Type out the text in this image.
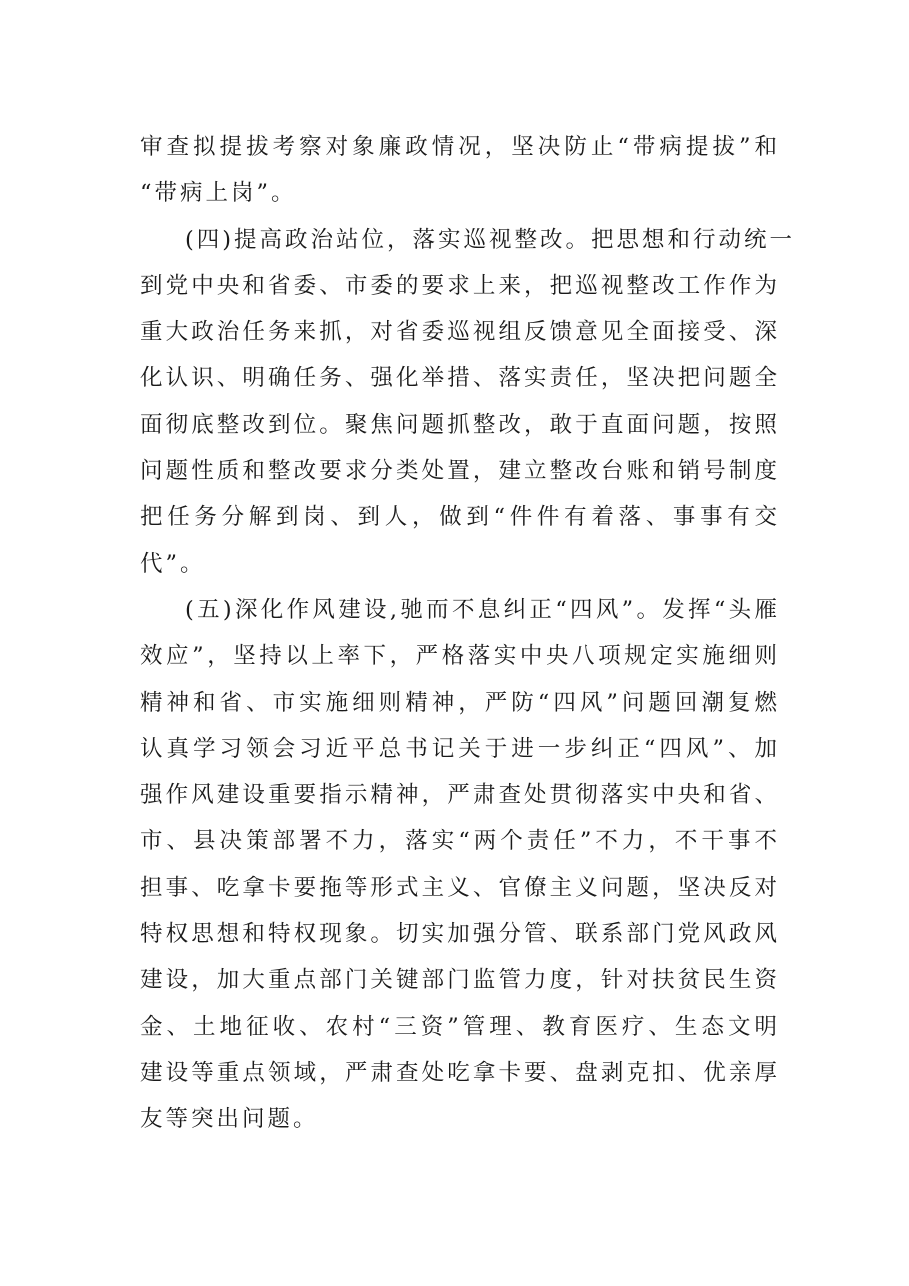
审查拟提拔考察对象廉政情况，坚决防止“带病提拔”和
“带病上岗”。
(四)提高政治站位，落实巡视整改。把思想和行动统一
到党中央和省委、市委的要求上来，把巡视整改工作作为
重大政治任务来抓，对省委巡视组反馈意见全面接受、深
化认识、明确任务、强化举措、落实责任，坚决把问题全
面彻底整改到位。聚焦问题抓整改，敢于直面问题，按照
问题性质和整改要求分类处置，建立整改台账和销号制度
把任务分解到岗、到人，做到“件件有着落、事事有交
代”。
(五)深化作风建设,驰而不息纠正“四风”。发挥“头雁
效应”，坚持以上率下，严格落实中央八项规定实施细则
精神和省、市实施细则精神，严防“四风”问题回潮复燃
认真学习领会习近平总书记关于进一步纠正“四风”、加
强作风建设重要指示精神，严肃查处贯彻落实中央和省、
市、县决策部署不力，落实“两个责任”不力，不干事不
担事、吃拿卡要拖等形式主义、官僚主义问题，坚决反对
特权思想和特权现象。切实加强分管、联系部门党风政风
建设，加大重点部门关键部门监管力度，针对扶贫民生资
金、土地征收、农村“三资”管理、教育医疗、生态文明
建设等重点领域，严肃查处吃拿卡要、盘剥克扣、优亲厚
友等突出问题。
